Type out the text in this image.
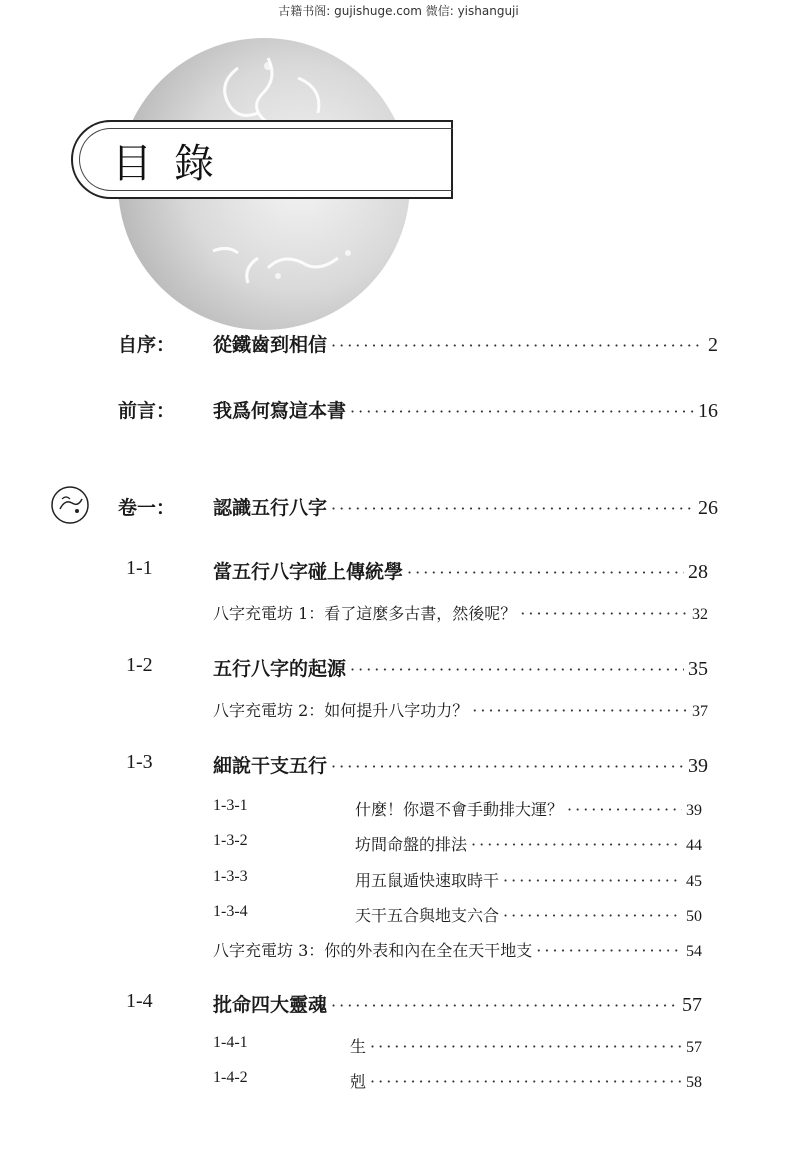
古籍书阁: gujishuge.com 微信: yishanguji
目錄
自序： 從鐵齒到相信 ·····	2
前言： 我爲何寫這本書 ·····	16
卷一： 認識五行八字 ·····	26
1-1	當五行八字碰上傳統學 ·····	28
八字充電坊 1：看了這麼多古書，然後呢？ ·····	32
1-2	五行八字的起源 ·····	35
八字充電坊 2：如何提升八字功力？ ·····	37
1-3	細說干支五行 ·····	39
1-3-1	什麼！你還不會手動排大運？ ·····	39
1-3-2	坊間命盤的排法 ·····	44
1-3-3	用五鼠遁快速取時干 ·····	45
1-3-4	天干五合與地支六合 ·····	50
八字充電坊 3：你的外表和內在全在天干地支 ·····	54
1-4	批命四大靈魂 ·····	57
1-4-1	生 ·····	57
1-4-2	剋 ·····	58
